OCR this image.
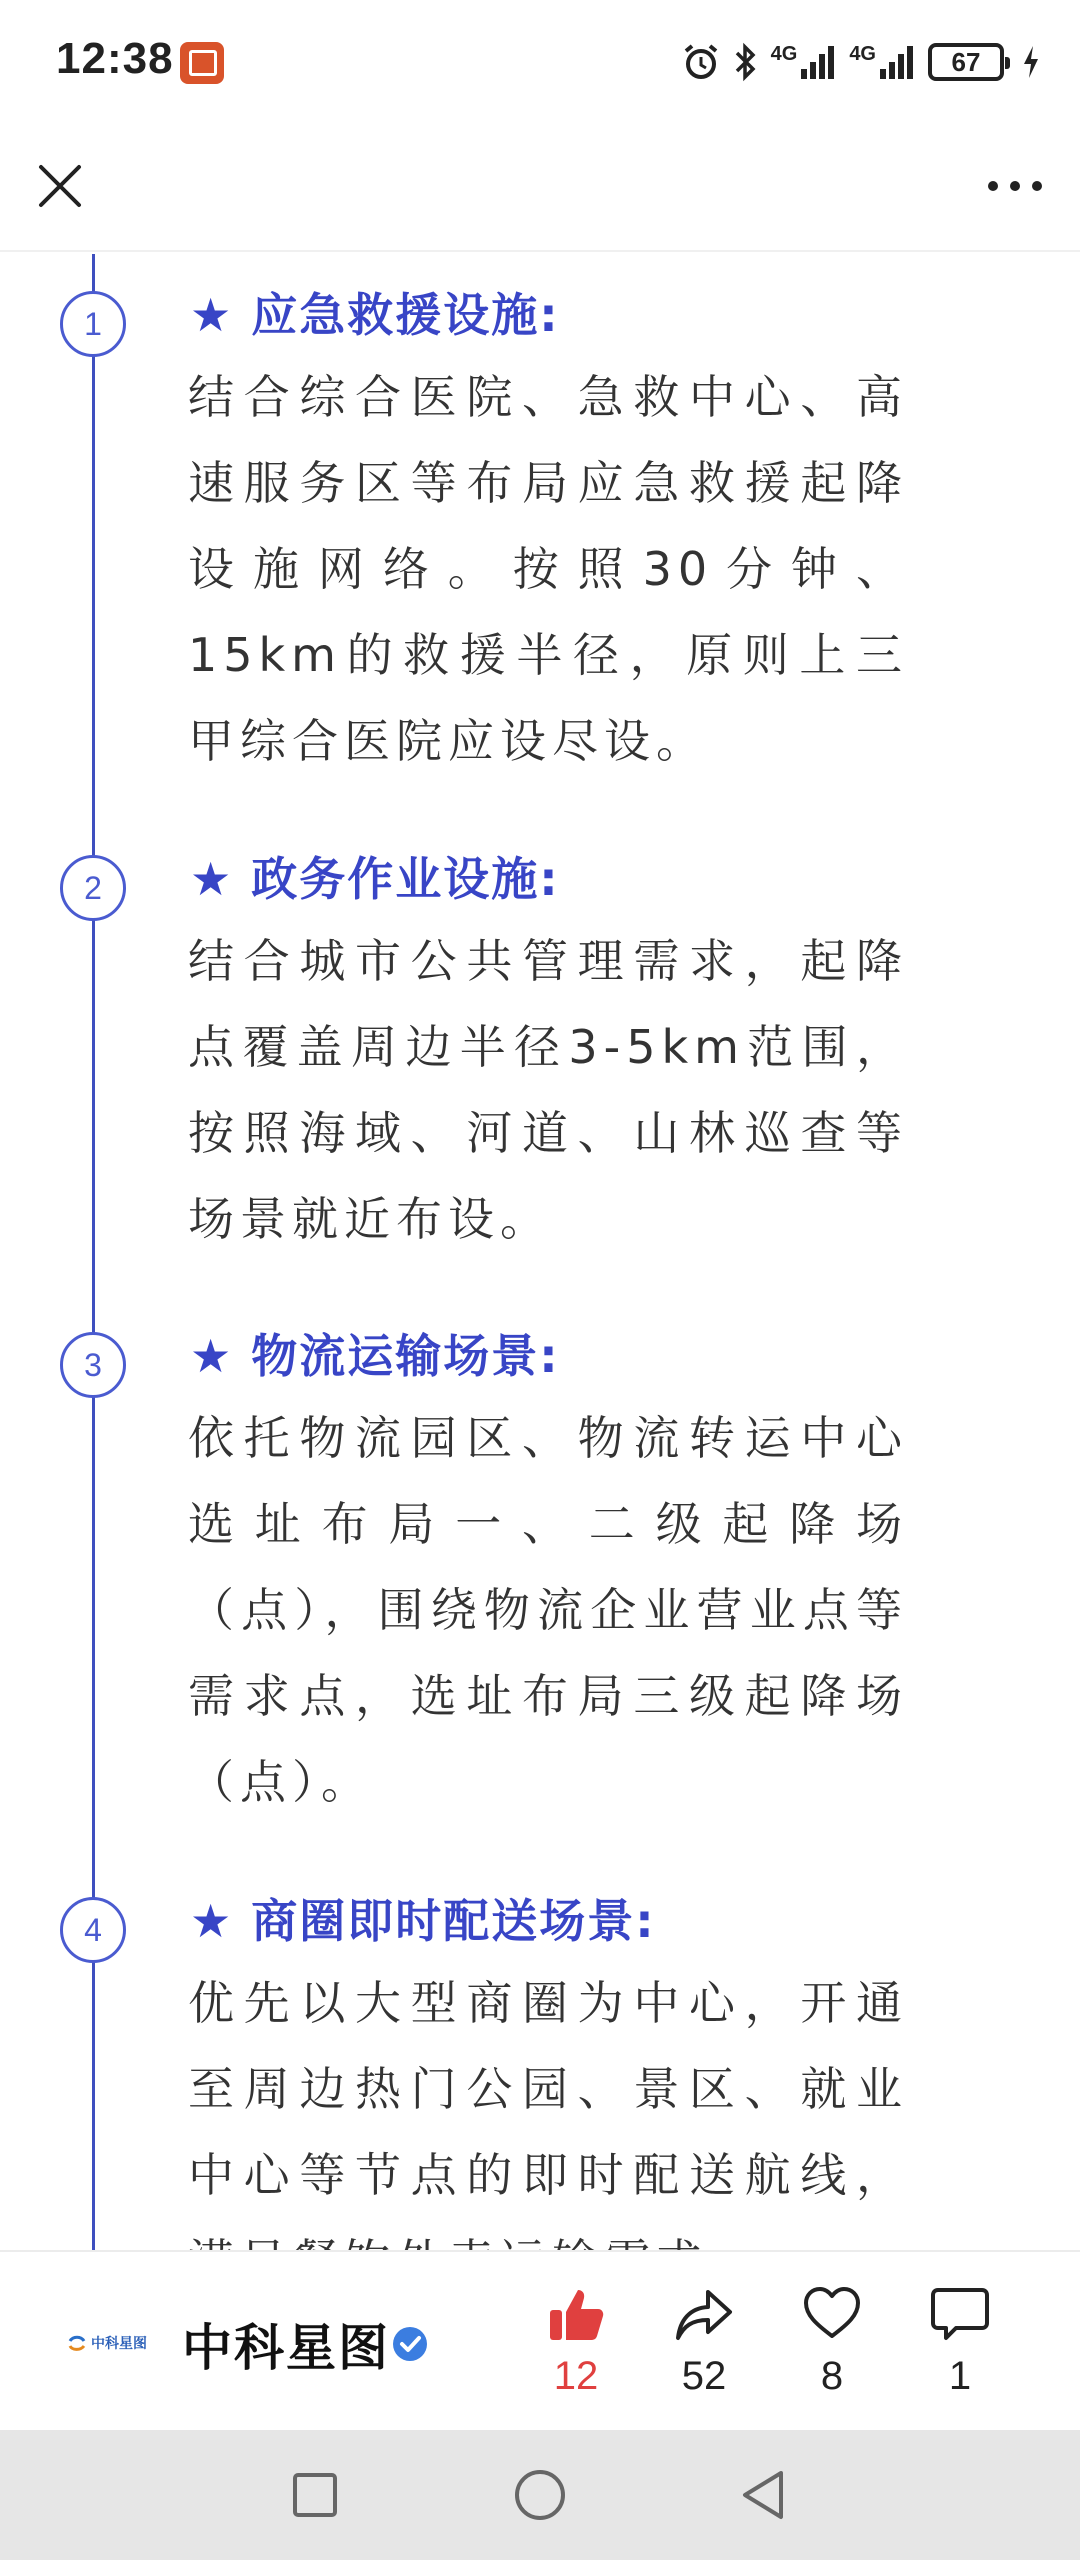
12:38	4G	4G	67
1	★ 应急救援设施:
结合综合医院、急救中心、高速服务区等布局应急救援起降设施网络。按照30分钟、15km的救援半径，原则上三甲综合医院应设尽设。
2	★ 政务作业设施:
结合城市公共管理需求，起降点覆盖周边半径3-5km范围，按照海域、河道、山林巡查等场景就近布设。
3	★ 物流运输场景:
依托物流园区、物流转运中心选址布局一、二级起降场（点），围绕物流企业营业点等需求点，选址布局三级起降场（点）。
4	★ 商圈即时配送场景:
优先以大型商圈为中心，开通至周边热门公园、景区、就业中心等节点的即时配送航线，
中科星图 中科星图	12 52 8	1
